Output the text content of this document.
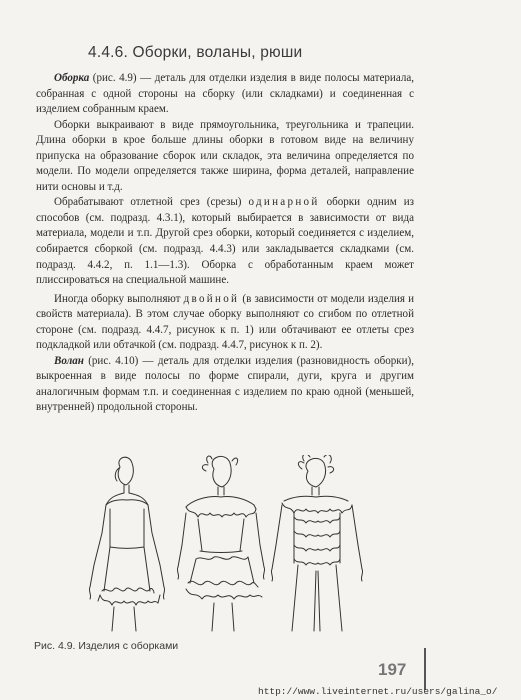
4.4.6. Оборки, воланы, рюши

Оборка (рис. 4.9) — деталь для отделки изделия в виде полосы материала, собранная с одной стороны на сборку (или складками) и соединенная с изделием собранным краем.

Оборки выкраивают в виде прямоугольника, треугольника и трапеции. Длина оборки в крое больше длины оборки в готовом виде на величину припуска на образование сборок или складок, эта величина определяется по модели. По модели определяется также ширина, форма деталей, направление нити основы и т.д.

Обрабатывают отлетной срез (срезы) одинарной оборки одним из способов (см. подразд. 4.3.1), который выбирается в зависимости от вида материала, модели и т.п. Другой срез оборки, который соединяется с изделием, собирается сборкой (см. подразд. 4.4.3) или закладывается складками (см. подразд. 4.4.2, п. 1.1—1.3). Оборка с обработанным краем может плиссироваться на специальной машине.

Иногда оборку выполняют двойной (в зависимости от модели изделия и свойств материала). В этом случае оборку выполняют со сгибом по отлетной стороне (см. подразд. 4.4.7, рисунок к п. 1) или обтачивают ее отлеты срез подкладкой или обтачкой (см. подразд. 4.4.7, рисунок к п. 2).

Волан (рис. 4.10) — деталь для отделки изделия (разновидность оборки), выкроенная в виде полосы по форме спирали, дуги, круга и другим аналогичным формам т.п. и соединенная с изделием по краю одной (меньшей, внутренней) продольной стороны.

Рис. 4.9. Изделия с оборками
197
http://www.liveinternet.ru/users/galina_o/
